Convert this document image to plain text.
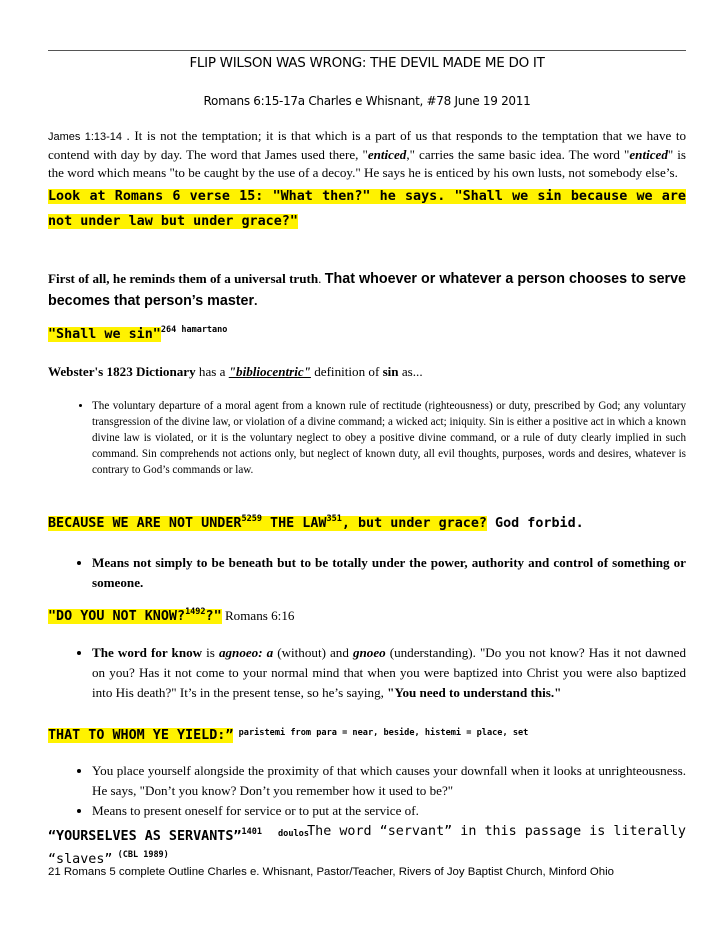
FLIP WILSON WAS WRONG: THE DEVIL MADE ME DO IT
Romans 6:15-17a Charles e Whisnant, #78 June 19 2011
James 1:13-14 . It is not the temptation; it is that which is a part of us that responds to the temptation that we have to contend with day by day. The word that James used there, "enticed," carries the same basic idea. The word "enticed" is the word which means "to be caught by the use of a decoy." He says he is enticed by his own lusts, not somebody else’s.
Look at Romans 6 verse 15: "What then?" he says. "Shall we sin because we are not under law but under grace?"
First of all, he reminds them of a universal truth. That whoever or whatever a person chooses to serve becomes that person’s master.
"Shall we sin"$^{264 hamartano}$
Webster's 1823 Dictionary has a "bibliocentric" definition of sin as...
• The voluntary departure of a moral agent from a known rule of rectitude (righteousness) or duty, prescribed by God; any voluntary transgression of the divine law, or violation of a divine command; a wicked act; iniquity. Sin is either a positive act in which a known divine law is violated, or it is the voluntary neglect to obey a positive divine command, or a rule of duty clearly implied in such command. Sin comprehends not actions only, but neglect of known duty, all evil thoughts, purposes, words and desires, whatever is contrary to God’s commands or law.
BECAUSE WE ARE NOT $UNDER^{5259}$ THE LAW$^{351}$, but under grace? God forbid.
• Means not simply to be beneath but to be totally under the power, authority and control of something or someone.
"DO YOU NOT KNOW?$^{1492}$?" Romans 6:16
• The word for know is agnoeo: a (without) and gnoeo (understanding). "Do you not know? Has it not dawned on you? Has it not come to your normal mind that when you were baptized into Christ you were also baptized into His death?" It’s in the present tense, so he’s saying, "You need to understand this."
THAT TO WHOM YE YIELD:” $^{paristemi from para = near, beside, histemi = place, set}$
• You place yourself alongside the proximity of that which causes your downfall when it looks at unrighteousness. He says, "Don’t you know? Don’t you remember how it used to be?"
• Means to present oneself for service or to put at the service of.
“YOURSELVES AS SERVANTS”$^{1401}$ $^{doulos}$
The word “servant” in this passage is literally

“slaves” $^{(CBL 1989)}$
21 Romans 5 complete Outline Charles e. Whisnant, Pastor/Teacher, Rivers of Joy Baptist Church, Minford Ohio
